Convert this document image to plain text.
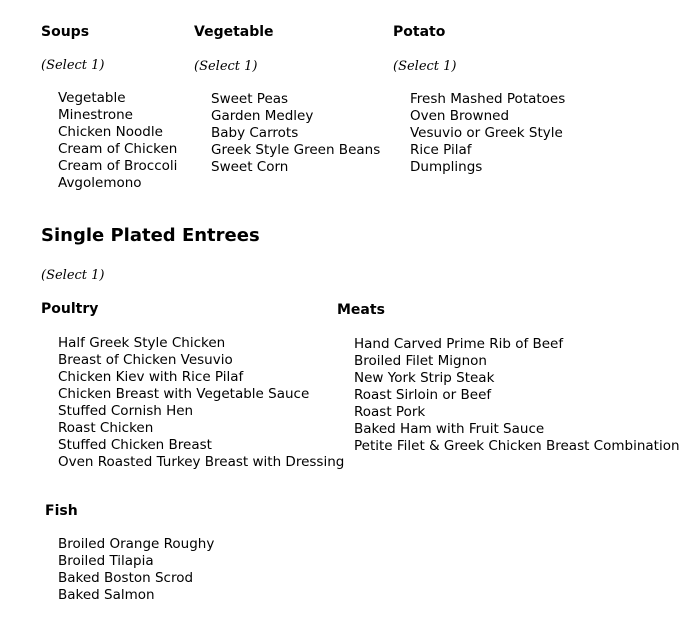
Soups
(Select 1)
Vegetable
Minestrone
Chicken Noodle
Cream of Chicken
Cream of Broccoli
Avgolemono
Vegetable
(Select 1)
Sweet Peas
Garden Medley
Baby Carrots
Greek Style Green Beans
Sweet Corn
Potato
(Select 1)
Fresh Mashed Potatoes
Oven Browned
Vesuvio or Greek Style
Rice Pilaf
Dumplings
Single Plated Entrees
(Select 1)
Poultry
Half Greek Style Chicken
Breast of Chicken Vesuvio
Chicken Kiev with Rice Pilaf
Chicken Breast with Vegetable Sauce
Stuffed Cornish Hen
Roast Chicken
Stuffed Chicken Breast
Oven Roasted Turkey Breast with Dressing
Meats
Hand Carved Prime Rib of Beef
Broiled Filet Mignon
New York Strip Steak
Roast Sirloin or Beef
Roast Pork
Baked Ham with Fruit Sauce
Petite Filet & Greek Chicken Breast Combination
Fish
Broiled Orange Roughy
Broiled Tilapia
Baked Boston Scrod
Baked Salmon
